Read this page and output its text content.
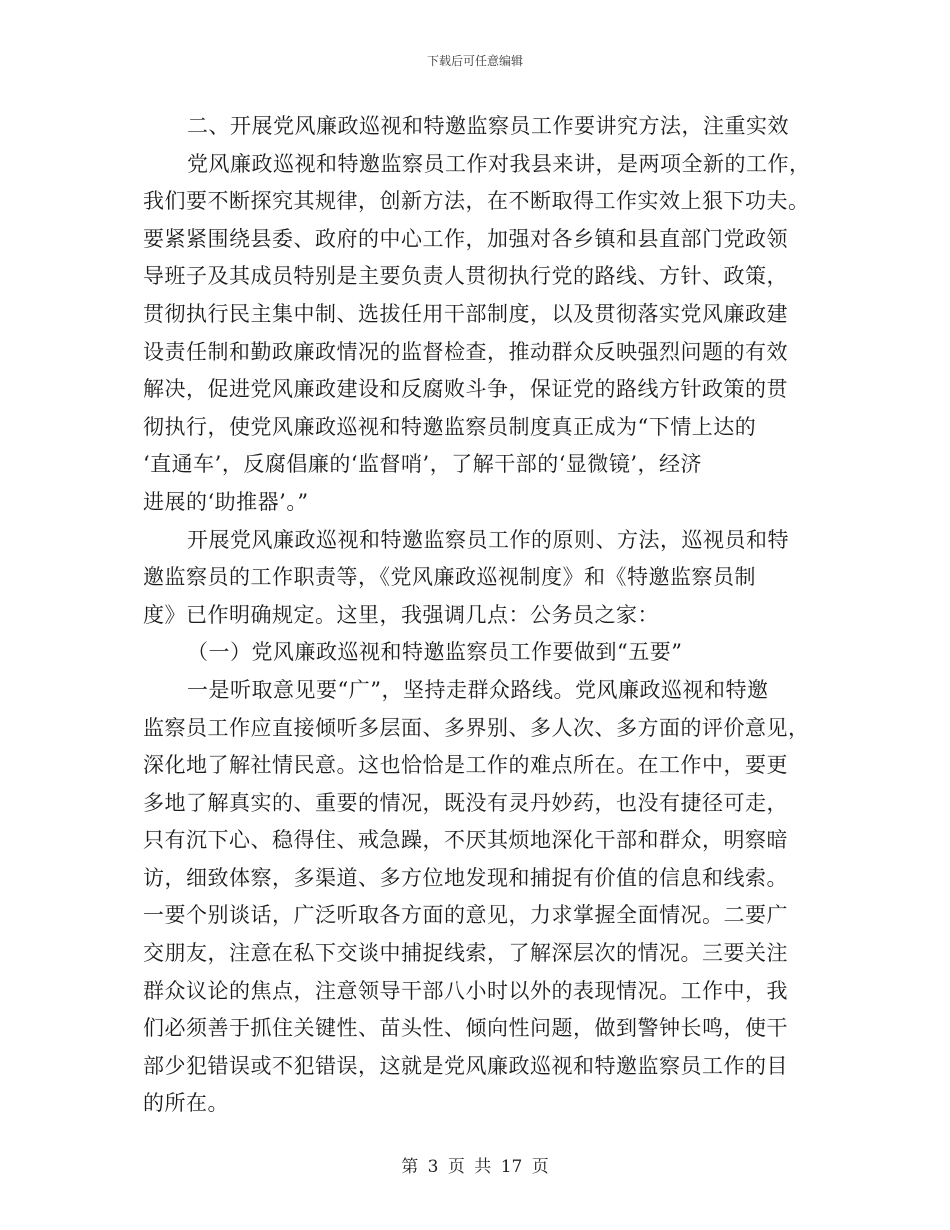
下载后可任意编辑
二、开展党风廉政巡视和特邀监察员工作要讲究方法，注重实效
党风廉政巡视和特邀监察员工作对我县来讲，是两项全新的工作，
我们要不断探究其规律，创新方法，在不断取得工作实效上狠下功夫。
要紧紧围绕县委、政府的中心工作，加强对各乡镇和县直部门党政领
导班子及其成员特别是主要负责人贯彻执行党的路线、方针、政策，
贯彻执行民主集中制、选拔任用干部制度，以及贯彻落实党风廉政建
设责任制和勤政廉政情况的监督检查，推动群众反映强烈问题的有效
解决，促进党风廉政建设和反腐败斗争，保证党的路线方针政策的贯
彻执行，使党风廉政巡视和特邀监察员制度真正成为“下情上达的
‘直通车’，反腐倡廉的‘监督哨’，了解干部的‘显微镜’，经济
进展的‘助推器’。”
开展党风廉政巡视和特邀监察员工作的原则、方法，巡视员和特
邀监察员的工作职责等，《党风廉政巡视制度》和《特邀监察员制
度》已作明确规定。这里，我强调几点：公务员之家：
（一）党风廉政巡视和特邀监察员工作要做到“五要”
一是听取意见要“广”，坚持走群众路线。党风廉政巡视和特邀
监察员工作应直接倾听多层面、多界别、多人次、多方面的评价意见，
深化地了解社情民意。这也恰恰是工作的难点所在。在工作中，要更
多地了解真实的、重要的情况，既没有灵丹妙药，也没有捷径可走，
只有沉下心、稳得住、戒急躁，不厌其烦地深化干部和群众，明察暗
访，细致体察，多渠道、多方位地发现和捕捉有价值的信息和线索。
一要个别谈话，广泛听取各方面的意见，力求掌握全面情况。二要广
交朋友，注意在私下交谈中捕捉线索，了解深层次的情况。三要关注
群众议论的焦点，注意领导干部八小时以外的表现情况。工作中，我
们必须善于抓住关键性、苗头性、倾向性问题，做到警钟长鸣，使干
部少犯错误或不犯错误，这就是党风廉政巡视和特邀监察员工作的目
的所在。
第 3 页 共 17 页
